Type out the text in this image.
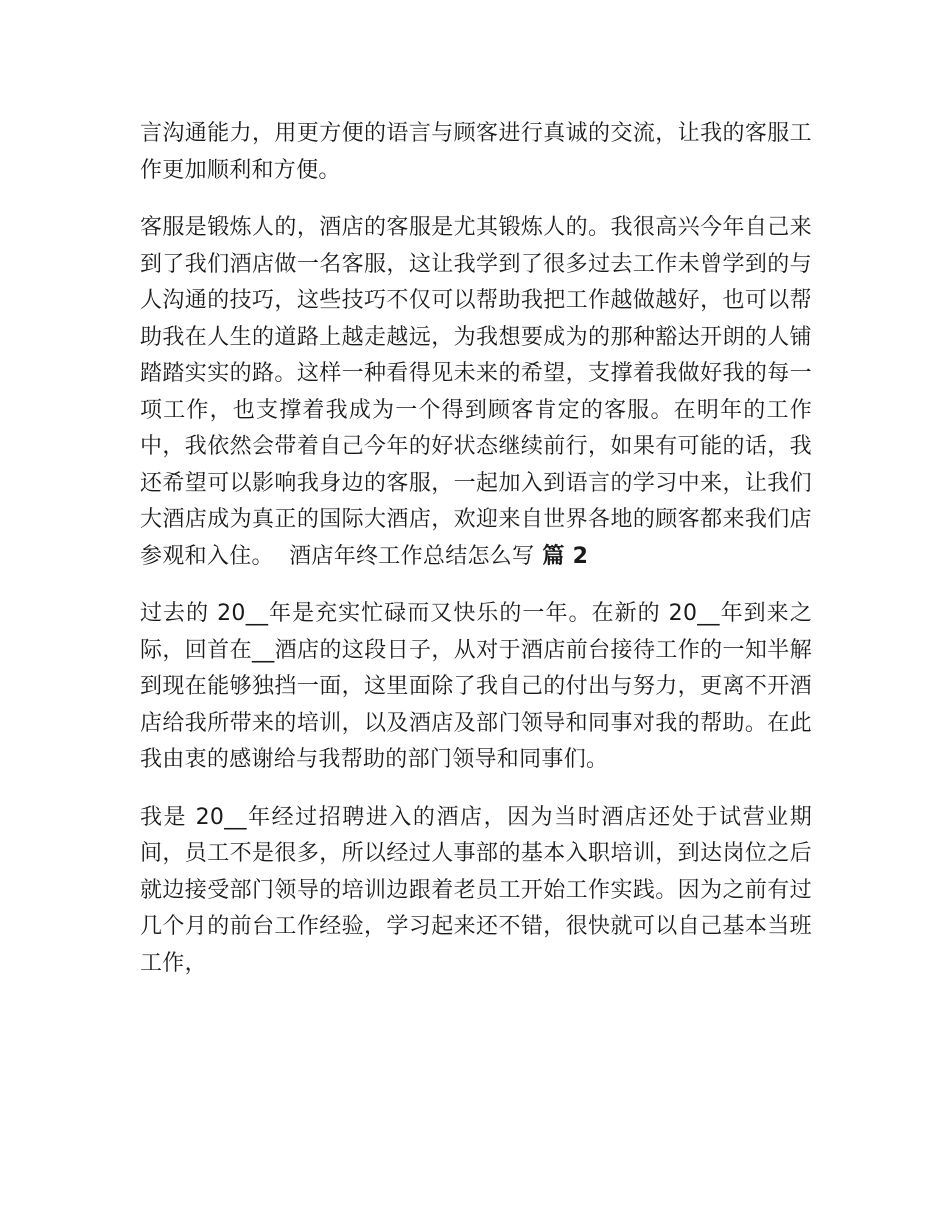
言沟通能力，用更方便的语言与顾客进行真诚的交流，让我的客服工作更加顺利和方便。

客服是锻炼人的，酒店的客服是尤其锻炼人的。我很高兴今年自己来到了我们酒店做一名客服，这让我学到了很多过去工作未曾学到的与人沟通的技巧，这些技巧不仅可以帮助我把工作越做越好，也可以帮助我在人生的道路上越走越远，为我想要成为的那种豁达开朗的人铺踏踏实实的路。这样一种看得见未来的希望，支撑着我做好我的每一项工作，也支撑着我成为一个得到顾客肯定的客服。在明年的工作中，我依然会带着自己今年的好状态继续前行，如果有可能的话，我还希望可以影响我身边的客服，一起加入到语言的学习中来，让我们大酒店成为真正的国际大酒店，欢迎来自世界各地的顾客都来我们店参观和入住。 酒店年终工作总结怎么写 篇 2

过去的 20__年是充实忙碌而又快乐的一年。在新的 20__年到来之际，回首在__酒店的这段日子，从对于酒店前台接待工作的一知半解到现在能够独挡一面，这里面除了我自己的付出与努力，更离不开酒店给我所带来的培训，以及酒店及部门领导和同事对我的帮助。在此我由衷的感谢给与我帮助的部门领导和同事们。

我是 20__年经过招聘进入的酒店，因为当时酒店还处于试营业期间，员工不是很多，所以经过人事部的基本入职培训，到达岗位之后就边接受部门领导的培训边跟着老员工开始工作实践。因为之前有过几个月的前台工作经验，学习起来还不错，很快就可以自己基本当班工作，
